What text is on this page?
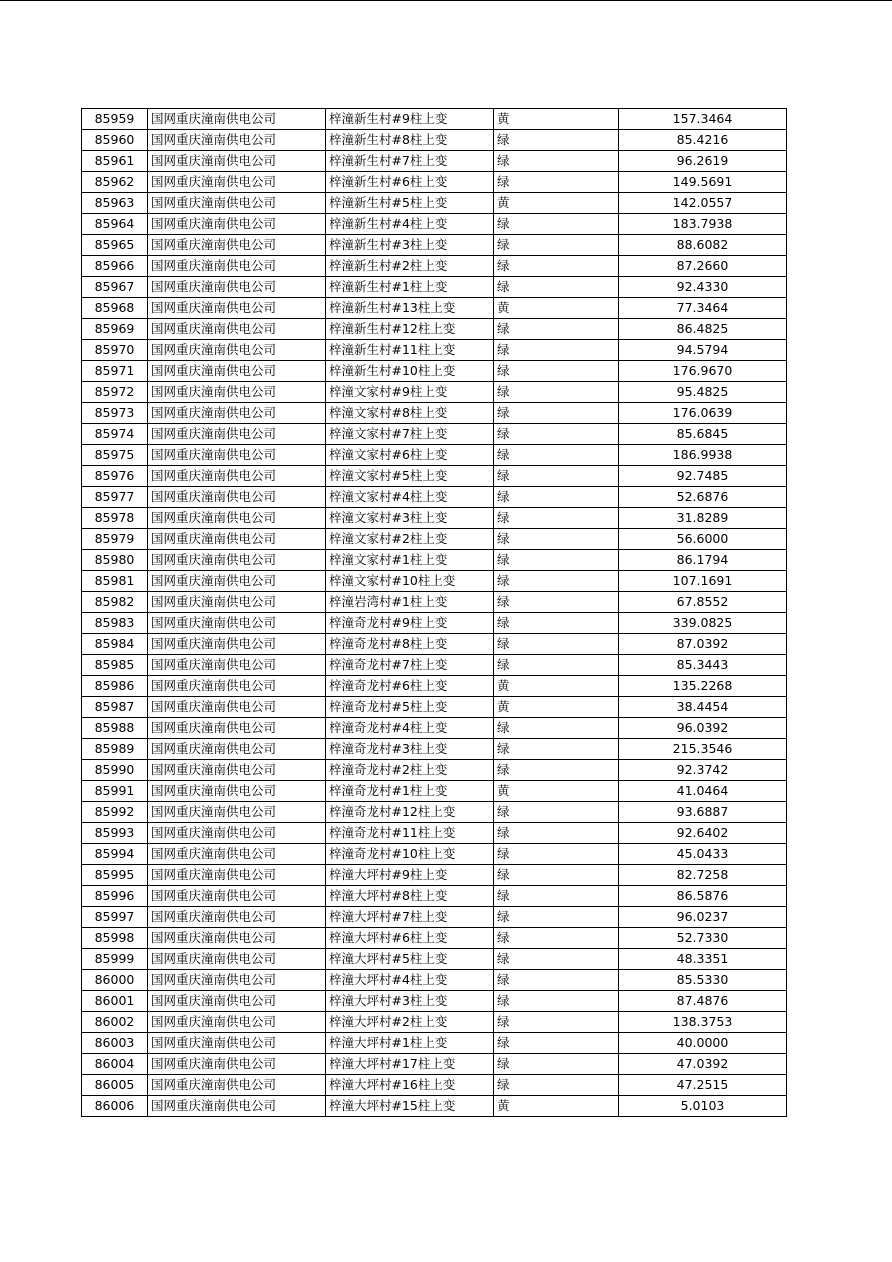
85959	国网重庆潼南供电公司	梓潼新生村#9柱上变	黄	157.3464
85960	国网重庆潼南供电公司	梓潼新生村#8柱上变	绿	85.4216
85961	国网重庆潼南供电公司	梓潼新生村#7柱上变	绿	96.2619
85962	国网重庆潼南供电公司	梓潼新生村#6柱上变	绿	149.5691
85963	国网重庆潼南供电公司	梓潼新生村#5柱上变	黄	142.0557
85964	国网重庆潼南供电公司	梓潼新生村#4柱上变	绿	183.7938
85965	国网重庆潼南供电公司	梓潼新生村#3柱上变	绿	88.6082
85966	国网重庆潼南供电公司	梓潼新生村#2柱上变	绿	87.2660
85967	国网重庆潼南供电公司	梓潼新生村#1柱上变	绿	92.4330
85968	国网重庆潼南供电公司	梓潼新生村#13柱上变	黄	77.3464
85969	国网重庆潼南供电公司	梓潼新生村#12柱上变	绿	86.4825
85970	国网重庆潼南供电公司	梓潼新生村#11柱上变	绿	94.5794
85971	国网重庆潼南供电公司	梓潼新生村#10柱上变	绿	176.9670
85972	国网重庆潼南供电公司	梓潼文家村#9柱上变	绿	95.4825
85973	国网重庆潼南供电公司	梓潼文家村#8柱上变	绿	176.0639
85974	国网重庆潼南供电公司	梓潼文家村#7柱上变	绿	85.6845
85975	国网重庆潼南供电公司	梓潼文家村#6柱上变	绿	186.9938
85976	国网重庆潼南供电公司	梓潼文家村#5柱上变	绿	92.7485
85977	国网重庆潼南供电公司	梓潼文家村#4柱上变	绿	52.6876
85978	国网重庆潼南供电公司	梓潼文家村#3柱上变	绿	31.8289
85979	国网重庆潼南供电公司	梓潼文家村#2柱上变	绿	56.6000
85980	国网重庆潼南供电公司	梓潼文家村#1柱上变	绿	86.1794
85981	国网重庆潼南供电公司	梓潼文家村#10柱上变	绿	107.1691
85982	国网重庆潼南供电公司	梓潼岩湾村#1柱上变	绿	67.8552
85983	国网重庆潼南供电公司	梓潼奇龙村#9柱上变	绿	339.0825
85984	国网重庆潼南供电公司	梓潼奇龙村#8柱上变	绿	87.0392
85985	国网重庆潼南供电公司	梓潼奇龙村#7柱上变	绿	85.3443
85986	国网重庆潼南供电公司	梓潼奇龙村#6柱上变	黄	135.2268
85987	国网重庆潼南供电公司	梓潼奇龙村#5柱上变	黄	38.4454
85988	国网重庆潼南供电公司	梓潼奇龙村#4柱上变	绿	96.0392
85989	国网重庆潼南供电公司	梓潼奇龙村#3柱上变	绿	215.3546
85990	国网重庆潼南供电公司	梓潼奇龙村#2柱上变	绿	92.3742
85991	国网重庆潼南供电公司	梓潼奇龙村#1柱上变	黄	41.0464
85992	国网重庆潼南供电公司	梓潼奇龙村#12柱上变	绿	93.6887
85993	国网重庆潼南供电公司	梓潼奇龙村#11柱上变	绿	92.6402
85994	国网重庆潼南供电公司	梓潼奇龙村#10柱上变	绿	45.0433
85995	国网重庆潼南供电公司	梓潼大坪村#9柱上变	绿	82.7258
85996	国网重庆潼南供电公司	梓潼大坪村#8柱上变	绿	86.5876
85997	国网重庆潼南供电公司	梓潼大坪村#7柱上变	绿	96.0237
85998	国网重庆潼南供电公司	梓潼大坪村#6柱上变	绿	52.7330
85999	国网重庆潼南供电公司	梓潼大坪村#5柱上变	绿	48.3351
86000	国网重庆潼南供电公司	梓潼大坪村#4柱上变	绿	85.5330
86001	国网重庆潼南供电公司	梓潼大坪村#3柱上变	绿	87.4876
86002	国网重庆潼南供电公司	梓潼大坪村#2柱上变	绿	138.3753
86003	国网重庆潼南供电公司	梓潼大坪村#1柱上变	绿	40.0000
86004	国网重庆潼南供电公司	梓潼大坪村#17柱上变	绿	47.0392
86005	国网重庆潼南供电公司	梓潼大坪村#16柱上变	绿	47.2515
86006	国网重庆潼南供电公司	梓潼大坪村#15柱上变	黄	5.0103
